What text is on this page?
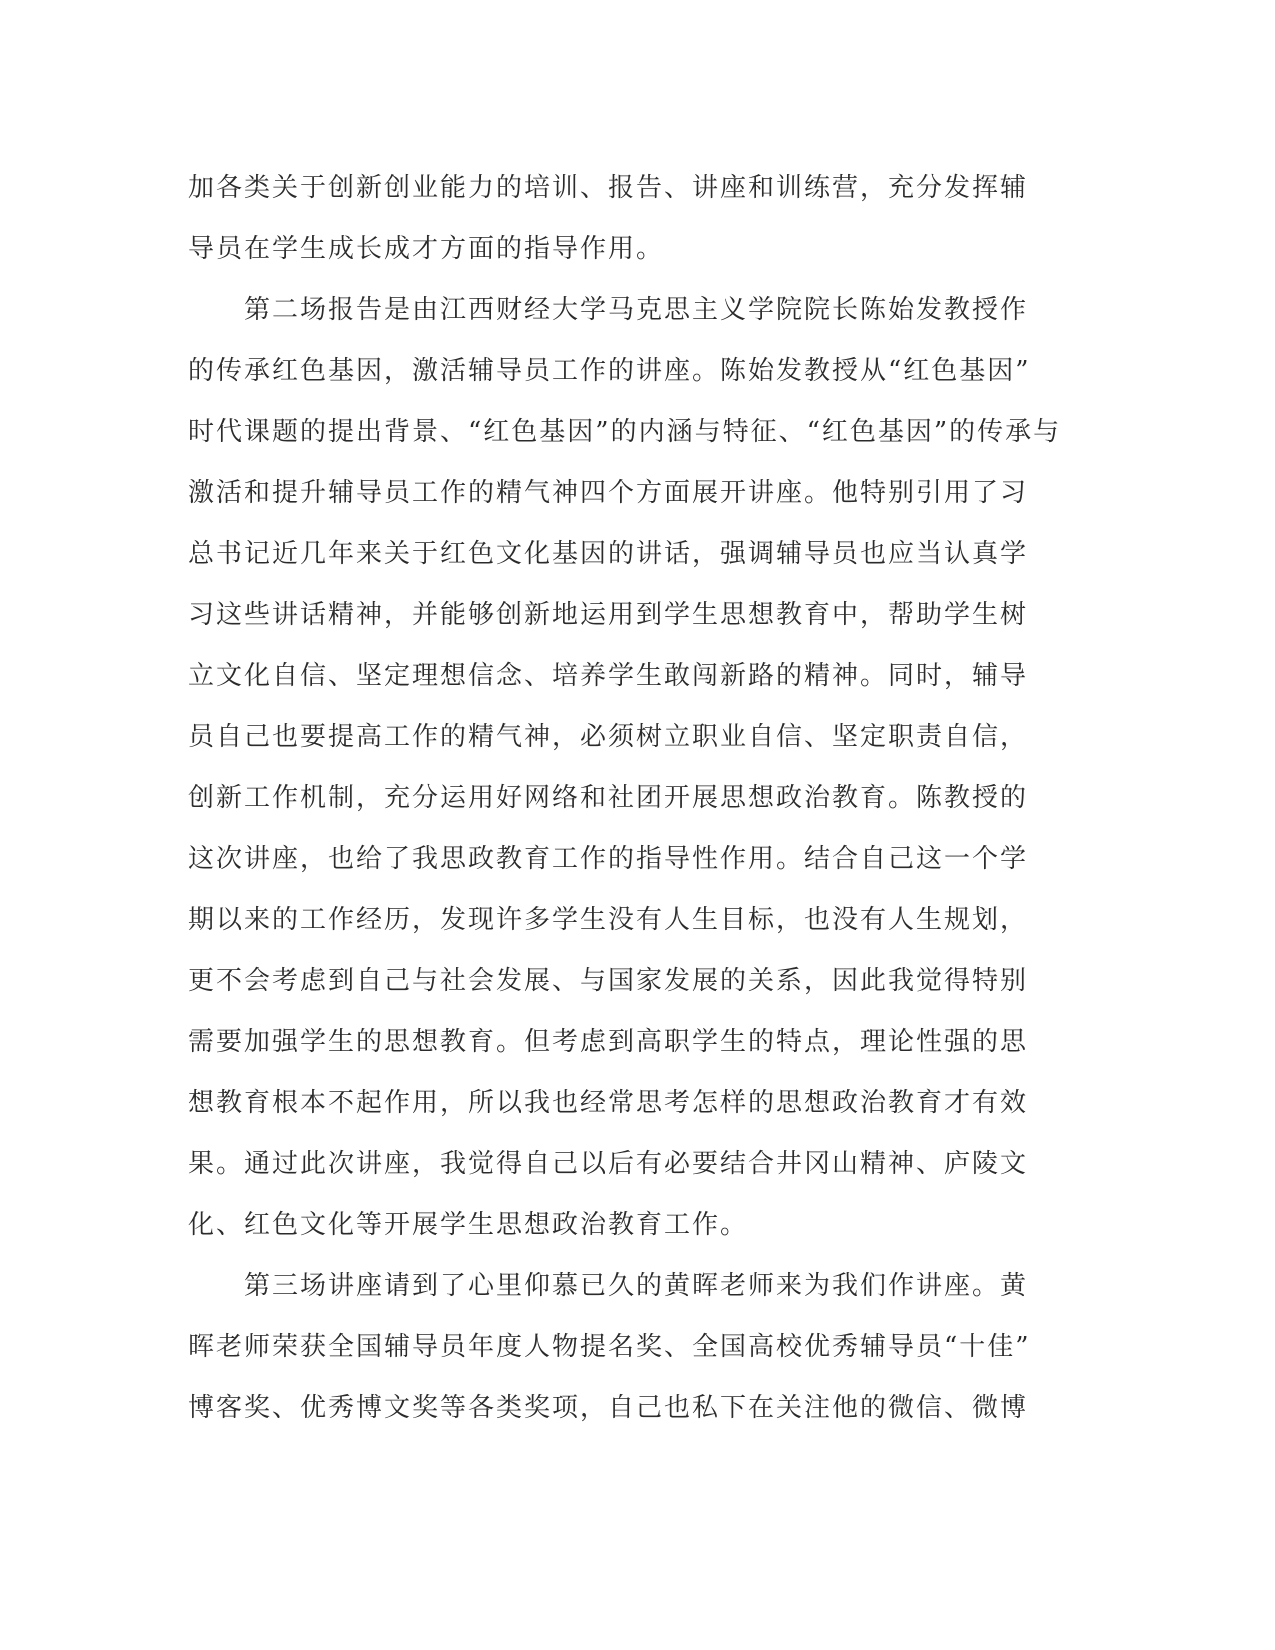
加各类关于创新创业能力的培训、报告、讲座和训练营，充分发挥辅
导员在学生成长成才方面的指导作用。
　　第二场报告是由江西财经大学马克思主义学院院长陈始发教授作
的传承红色基因，激活辅导员工作的讲座。陈始发教授从“红色基因”
时代课题的提出背景、“红色基因”的内涵与特征、“红色基因”的传承与
激活和提升辅导员工作的精气神四个方面展开讲座。他特别引用了习
总书记近几年来关于红色文化基因的讲话，强调辅导员也应当认真学
习这些讲话精神，并能够创新地运用到学生思想教育中，帮助学生树
立文化自信、坚定理想信念、培养学生敢闯新路的精神。同时，辅导
员自己也要提高工作的精气神，必须树立职业自信、坚定职责自信，
创新工作机制，充分运用好网络和社团开展思想政治教育。陈教授的
这次讲座，也给了我思政教育工作的指导性作用。结合自己这一个学
期以来的工作经历，发现许多学生没有人生目标，也没有人生规划，
更不会考虑到自己与社会发展、与国家发展的关系，因此我觉得特别
需要加强学生的思想教育。但考虑到高职学生的特点，理论性强的思
想教育根本不起作用，所以我也经常思考怎样的思想政治教育才有效
果。通过此次讲座，我觉得自己以后有必要结合井冈山精神、庐陵文
化、红色文化等开展学生思想政治教育工作。
　　第三场讲座请到了心里仰慕已久的黄晖老师来为我们作讲座。黄
晖老师荣获全国辅导员年度人物提名奖、全国高校优秀辅导员“十佳”
博客奖、优秀博文奖等各类奖项，自己也私下在关注他的微信、微博
